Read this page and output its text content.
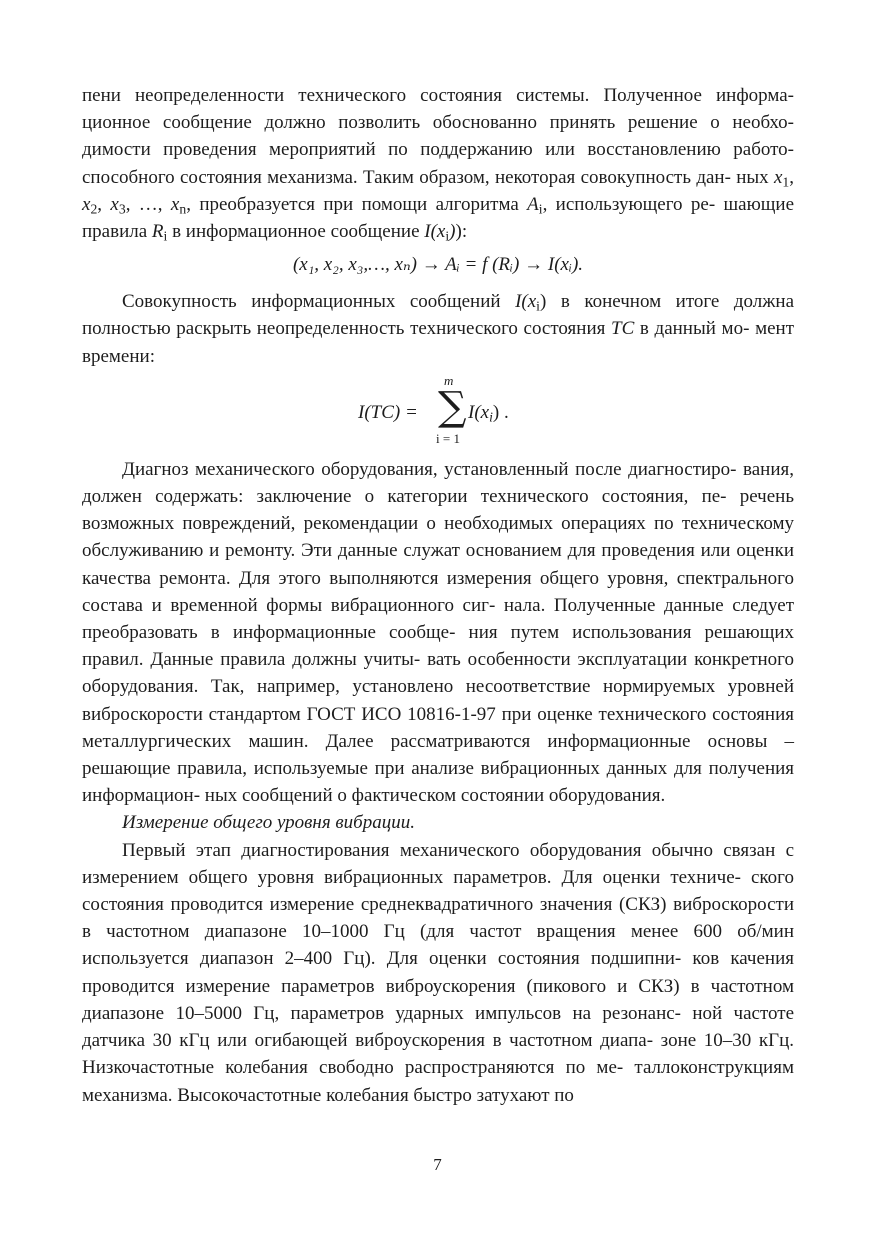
пени неопределенности технического состояния системы. Полученное информа- ционное сообщение должно позволить обоснованно принять решение о необхо- димости проведения мероприятий по поддержанию или восстановлению работо- способного состояния механизма. Таким образом, некоторая совокупность дан- ных $x_1$, $x_2$, $x_3$, …, $x_n$, преобразуется при помощи алгоритма $A_i$, использующего ре- шающие правила $R_i$ в информационное сообщение $I(x_i)$):

(x₁, x₂, x₃,…, xₙ) → Aᵢ = f (Rᵢ) → I(xᵢ).

Совокупность информационных сообщений $I(x_i)$ в конечном итоге должна полностью раскрыть неопределенность технического состояния TC в данный мо- мент времени:

I(TC) =
m
∑
i = 1
$I(x_i)$ .

Диагноз механического оборудования, установленный после диагностиро- вания, должен содержать: заключение о категории технического состояния, пе- речень возможных повреждений, рекомендации о необходимых операциях по техническому обслуживанию и ремонту. Эти данные служат основанием для проведения или оценки качества ремонта. Для этого выполняются измерения общего уровня, спектрального состава и временной формы вибрационного сиг- нала. Полученные данные следует преобразовать в информационные сообще- ния путем использования решающих правил. Данные правила должны учиты- вать особенности эксплуатации конкретного оборудования. Так, например, установлено несоответствие нормируемых уровней виброскорости стандартом ГОСТ ИСО 10816-1-97 при оценке технического состояния металлургических машин. Далее рассматриваются информационные основы – решающие правила, используемые при анализе вибрационных данных для получения информацион- ных сообщений о фактическом состоянии оборудования.

Измерение общего уровня вибрации.

Первый этап диагностирования механического оборудования обычно связан с измерением общего уровня вибрационных параметров. Для оценки техниче- ского состояния проводится измерение среднеквадратичного значения (СКЗ) виброскорости в частотном диапазоне 10–1000 Гц (для частот вращения менее 600 об/мин используется диапазон 2–400 Гц). Для оценки состояния подшипни- ков качения проводится измерение параметров виброускорения (пикового и СКЗ) в частотном диапазоне 10–5000 Гц, параметров ударных импульсов на резонанс- ной частоте датчика 30 кГц или огибающей виброускорения в частотном диапа- зоне 10–30 кГц. Низкочастотные колебания свободно распространяются по ме- таллоконструкциям механизма. Высокочастотные колебания быстро затухают по

7
